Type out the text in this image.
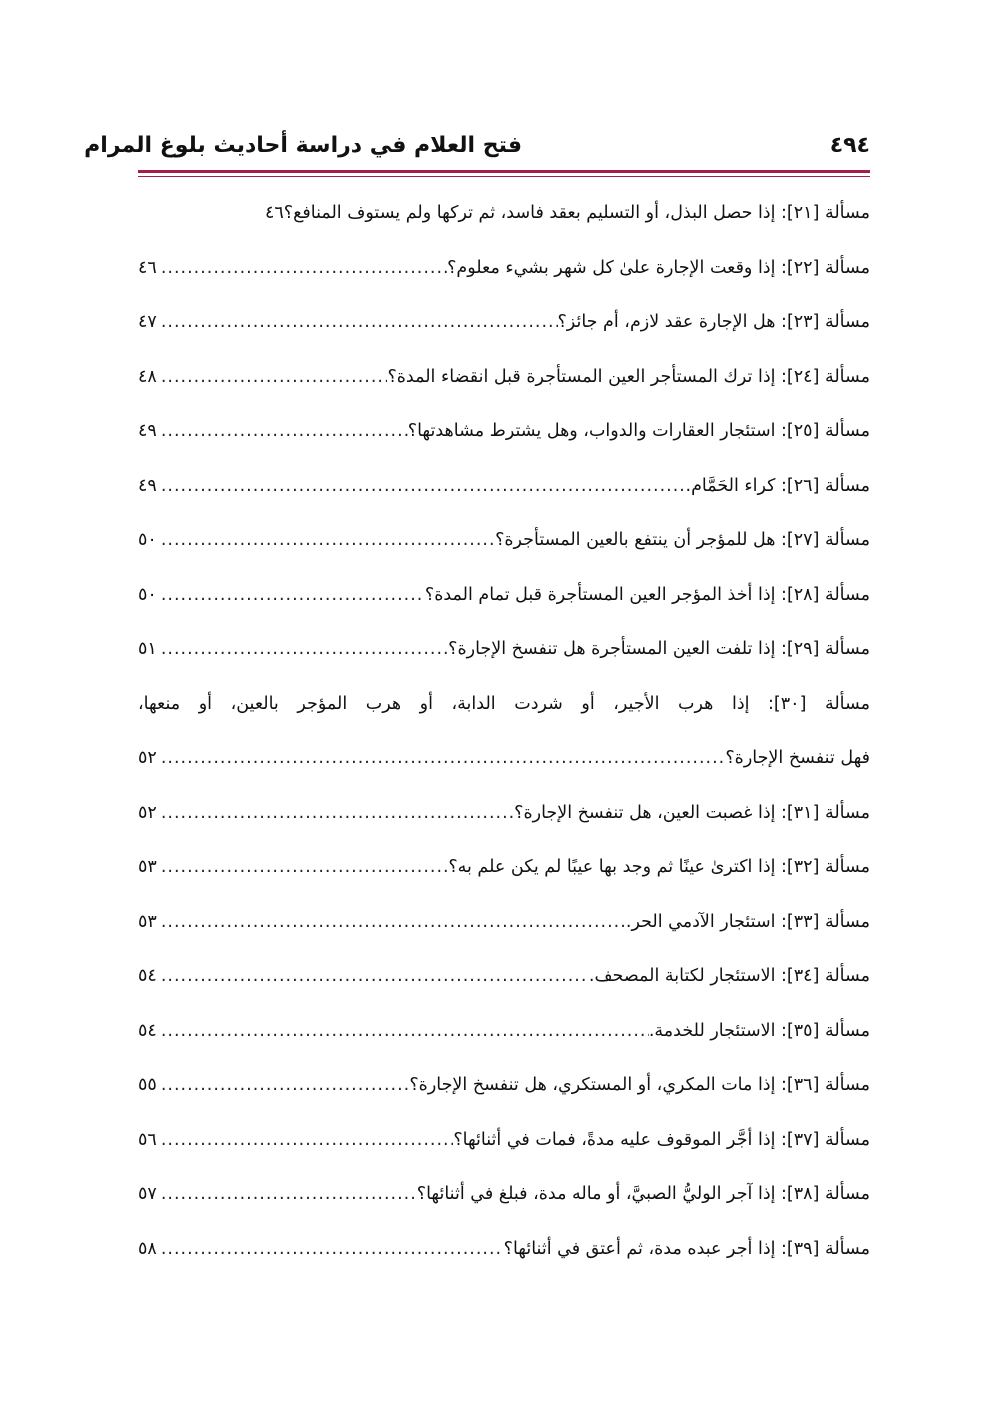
٤٩٤
فتح العلام في دراسة أحاديث بلوغ المرام
مسألة [٢١]: إذا حصل البذل، أو التسليم بعقد فاسد، ثم تركها ولم يستوف المنافع؟
٤٦
مسألة [٢٢]: إذا وقعت الإجارة علىٰ كل شهر بشيء معلوم؟
.....
٤٦
مسألة [٢٣]: هل الإجارة عقد لازم، أم جائز؟
.....
٤٧
مسألة [٢٤]: إذا ترك المستأجر العين المستأجرة قبل انقضاء المدة؟
.....
٤٨
مسألة [٢٥]: استئجار العقارات والدواب، وهل يشترط مشاهدتها؟
.....
٤٩
مسألة [٢٦]: كراء الحَمَّام.
.....
٤٩
مسألة [٢٧]: هل للمؤجر أن ينتفع بالعين المستأجرة؟
.....
٥٠
مسألة [٢٨]: إذا أخذ المؤجر العين المستأجرة قبل تمام المدة؟
.....
٥٠
مسألة [٢٩]: إذا تلفت العين المستأجرة هل تنفسخ الإجارة؟
.....
٥١
مسألة [٣٠]: إذا هرب الأجير، أو شردت الدابة، أو هرب المؤجر بالعين، أو منعها،
فهل تنفسخ الإجارة؟
.....
٥٢
مسألة [٣١]: إذا غصبت العين، هل تنفسخ الإجارة؟
.....
٥٢
مسألة [٣٢]: إذا اكترىٰ عينًا ثم وجد بها عيبًا لم يكن علم به؟
.....
٥٣
مسألة [٣٣]: استئجار الآدمي الحر.
.....
٥٣
مسألة [٣٤]: الاستئجار لكتابة المصحف.
.....
٥٤
مسألة [٣٥]: الاستئجار للخدمة.
.....
٥٤
مسألة [٣٦]: إذا مات المكري، أو المستكري، هل تنفسخ الإجارة؟
.....
٥٥
مسألة [٣٧]: إذا أجَّر الموقوف عليه مدةً، فمات في أثنائها؟
.....
٥٦
مسألة [٣٨]: إذا آجر الوليُّ الصبيَّ، أو ماله مدة، فبلغ في أثنائها؟
.....
٥٧
مسألة [٣٩]: إذا أجر عبده مدة، ثم أعتق في أثنائها؟
.....
٥٨
